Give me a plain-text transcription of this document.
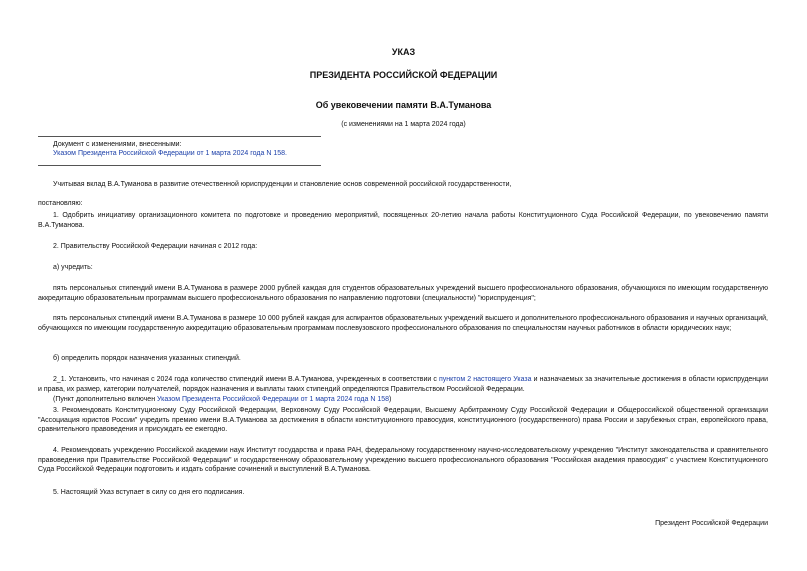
УКАЗ
ПРЕЗИДЕНТА РОССИЙСКОЙ ФЕДЕРАЦИИ
Об увековечении памяти В.А.Туманова
(с изменениями на 1 марта 2024 года)
Документ с изменениями, внесенными:
Указом Президента Российской Федерации от 1 марта 2024 года N 158.
Учитывая вклад В.А.Туманова в развитие отечественной юриспруденции и становление основ современной российской государственности,
постановляю:
1. Одобрить инициативу организационного комитета по подготовке и проведению мероприятий, посвященных 20-летию начала работы Конституционного Суда Российской Федерации, по увековечению памяти В.А.Туманова.
2. Правительству Российской Федерации начиная с 2012 года:
а) учредить:
пять персональных стипендий имени В.А.Туманова в размере 2000 рублей каждая для студентов образовательных учреждений высшего профессионального образования, обучающихся по имеющим государственную аккредитацию образовательным программам высшего профессионального образования по направлению подготовки (специальности) "юриспруденция";
пять персональных стипендий имени В.А.Туманова в размере 10 000 рублей каждая для аспирантов образовательных учреждений высшего и дополнительного профессионального образования и научных организаций, обучающихся по имеющим государственную аккредитацию образовательным программам послевузовского профессионального образования по специальностям научных работников в области юридических наук;
б) определить порядок назначения указанных стипендий.
2_1. Установить, что начиная с 2024 года количество стипендий имени В.А.Туманова, учрежденных в соответствии с пунктом 2 настоящего Указа и назначаемых за значительные достижения в области юриспруденции и права, их размер, категории получателей, порядок назначения и выплаты таких стипендий определяются Правительством Российской Федерации.
(Пункт дополнительно включен Указом Президента Российской Федерации от 1 марта 2024 года N 158)
3. Рекомендовать Конституционному Суду Российской Федерации, Верховному Суду Российской Федерации, Высшему Арбитражному Суду Российской Федерации и Общероссийской общественной организации "Ассоциация юристов России" учредить премию имени В.А.Туманова за достижения в области конституционного правосудия, конституционного (государственного) права России и зарубежных стран, европейского права, сравнительного правоведения и присуждать ее ежегодно.
4. Рекомендовать учреждению Российской академии наук Институт государства и права РАН, федеральному государственному научно-исследовательскому учреждению "Институт законодательства и сравнительного правоведения при Правительстве Российской Федерации" и государственному образовательному учреждению высшего профессионального образования "Российская академия правосудия" с участием Конституционного Суда Российской Федерации подготовить и издать собрание сочинений и выступлений В.А.Туманова.
5. Настоящий Указ вступает в силу со дня его подписания.
Президент Российской Федерации
